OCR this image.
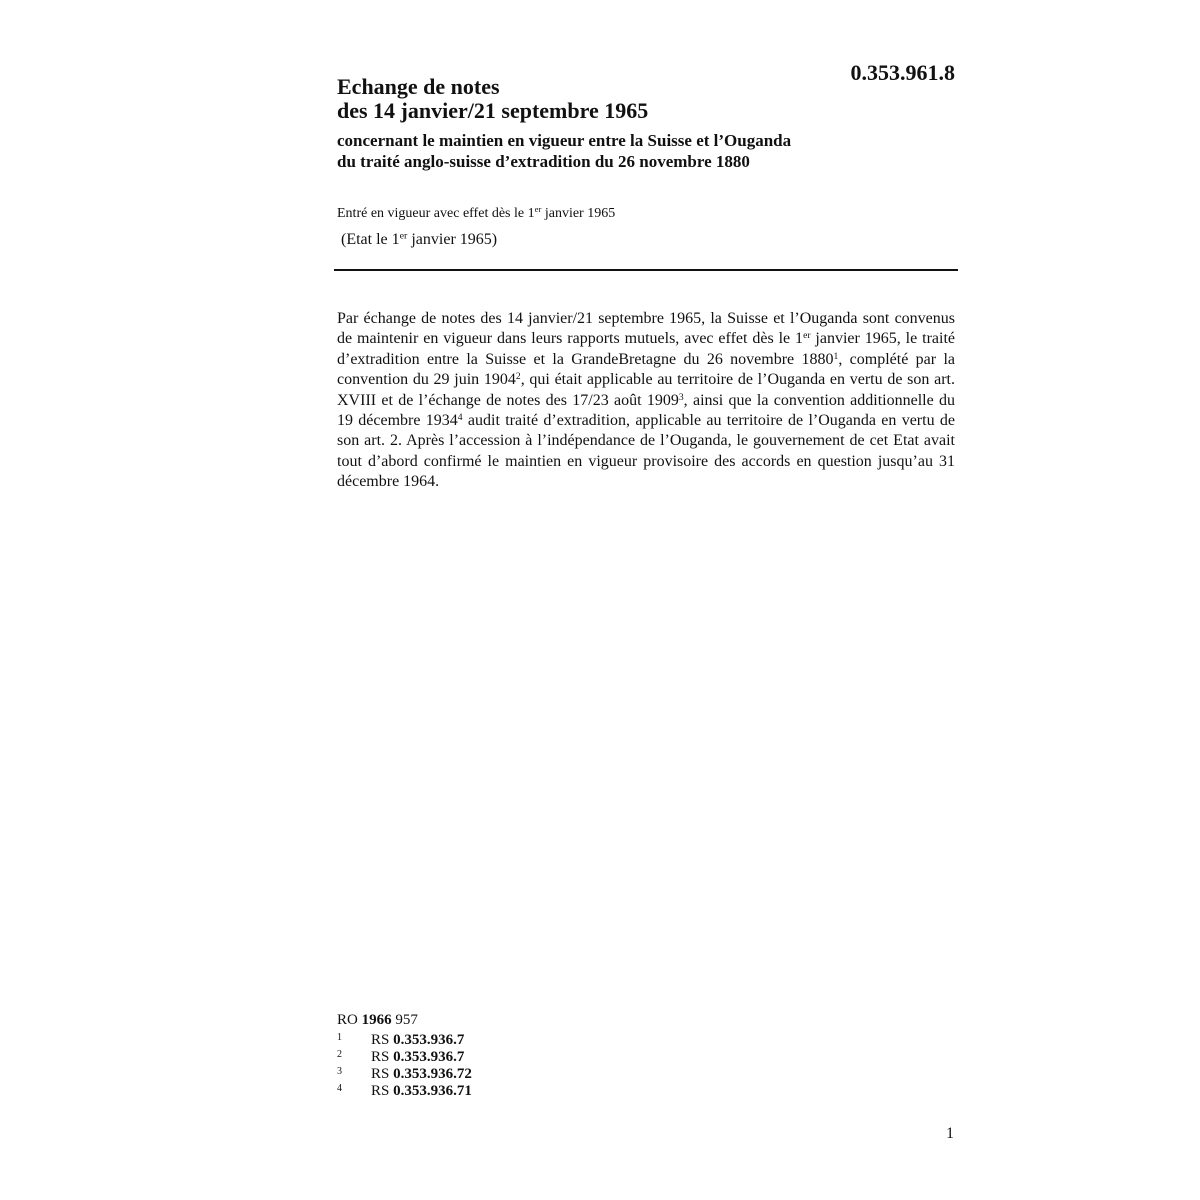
0.353.961.8
Echange de notes
des 14 janvier/21 septembre 1965
concernant le maintien en vigueur entre la Suisse et l’Ouganda
du traité anglo-suisse d’extradition du 26 novembre 1880
Entré en vigueur avec effet dès le 1er janvier 1965
(Etat le 1er janvier 1965)

Par échange de notes des 14 janvier/21 septembre 1965, la Suisse et l’Ouganda sont convenus de maintenir en vigueur dans leurs rapports mutuels, avec effet dès le 1er janvier 1965, le traité d’extradition entre la Suisse et la GrandeBretagne du 26 novembre 1880$^1$, complété par la convention du 29 juin 1904$^2$, qui était applicable au territoire de l’Ouganda en vertu de son art. XVIII et de l’échange de notes des 17/23 août 1909$^3$, ainsi que la convention additionnelle du 19 décembre 1934$^4$ audit traité d’extradition, applicable au territoire de l’Ouganda en vertu de son art. 2. Après l’accession à l’indépendance de l’Ouganda, le gouvernement de cet Etat avait tout d’abord confirmé le maintien en vigueur provisoire des accords en question jusqu’au 31 décembre 1964.

RO 1966 957
1	RS 0.353.936.7
2	RS 0.353.936.7
3	RS 0.353.936.72
4	RS 0.353.936.71
1
